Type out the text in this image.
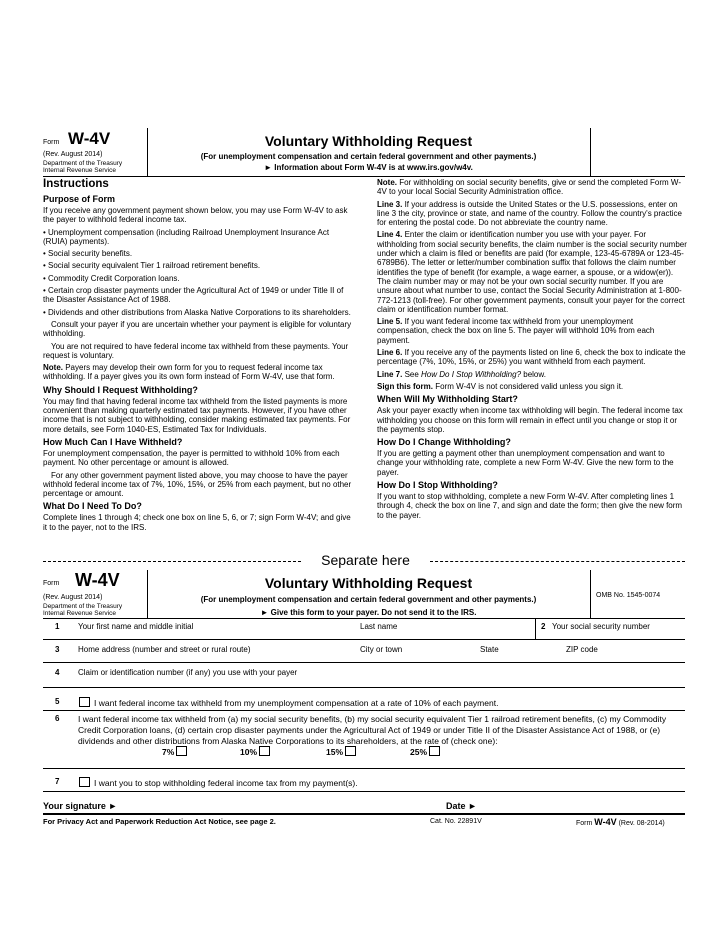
Form W-4V
(Rev. August 2014)
Department of the Treasury
Internal Revenue Service
Voluntary Withholding Request
(For unemployment compensation and certain federal government and other payments.)
► Information about Form W-4V is at www.irs.gov/w4v.
Instructions
Purpose of Form

If you receive any government payment shown below, you may use Form W-4V to ask the payer to withhold federal income tax.

• Unemployment compensation (including Railroad Unemployment Insurance Act (RUIA) payments).

• Social security benefits.

• Social security equivalent Tier 1 railroad retirement benefits.

• Commodity Credit Corporation loans.

• Certain crop disaster payments under the Agricultural Act of 1949 or under Title II of the Disaster Assistance Act of 1988.

• Dividends and other distributions from Alaska Native Corporations to its shareholders.

Consult your payer if you are uncertain whether your payment is eligible for voluntary withholding.

You are not required to have federal income tax withheld from these payments. Your request is voluntary.

Note. Payers may develop their own form for you to request federal income tax withholding. If a payer gives you its own form instead of Form W-4V, use that form.

Why Should I Request Withholding?

You may find that having federal income tax withheld from the listed payments is more convenient than making quarterly estimated tax payments. However, if you have other income that is not subject to withholding, consider making estimated tax payments. For more details, see Form 1040-ES, Estimated Tax for Individuals.

How Much Can I Have Withheld?

For unemployment compensation, the payer is permitted to withhold 10% from each payment. No other percentage or amount is allowed.

For any other government payment listed above, you may choose to have the payer withhold federal income tax of 7%, 10%, 15%, or 25% from each payment, but no other percentage or amount.

What Do I Need To Do?

Complete lines 1 through 4; check one box on line 5, 6, or 7; sign Form W-4V; and give it to the payer, not to the IRS.

Note. For withholding on social security benefits, give or send the completed Form W-4V to your local Social Security Administration office.

Line 3. If your address is outside the United States or the U.S. possessions, enter on line 3 the city, province or state, and name of the country. Follow the country's practice for entering the postal code. Do not abbreviate the country name.

Line 4. Enter the claim or identification number you use with your payer. For withholding from social security benefits, the claim number is the social security number under which a claim is filed or benefits are paid (for example, 123-45-6789A or 123-45-6789B6). The letter or letter/number combination suffix that follows the claim number identifies the type of benefit (for example, a wage earner, a spouse, or a widow(er)). The claim number may or may not be your own social security number. If you are unsure about what number to use, contact the Social Security Administration at 1-800-772-1213 (toll-free). For other government payments, consult your payer for the correct claim or identification number format.

Line 5. If you want federal income tax withheld from your unemployment compensation, check the box on line 5. The payer will withhold 10% from each payment.

Line 6. If you receive any of the payments listed on line 6, check the box to indicate the percentage (7%, 10%, 15%, or 25%) you want withheld from each payment.

Line 7. See How Do I Stop Withholding? below.

Sign this form. Form W-4V is not considered valid unless you sign it.

When Will My Withholding Start?

Ask your payer exactly when income tax withholding will begin. The federal income tax withholding you choose on this form will remain in effect until you change or stop it or the payments stop.

How Do I Change Withholding?

If you are getting a payment other than unemployment compensation and want to change your withholding rate, complete a new Form W-4V. Give the new form to the payer.

How Do I Stop Withholding?

If you want to stop withholding, complete a new Form W-4V. After completing lines 1 through 4, check the box on line 7, and sign and date the form; then give the new form to the payer.

Separate here
Form W-4V
(Rev. August 2014)
Department of the Treasury
Internal Revenue Service
Voluntary Withholding Request
(For unemployment compensation and certain federal government and other payments.)
► Give this form to your payer. Do not send it to the IRS.
OMB No. 1545-0074
1 Your first name and middle initial	Last name	2 Your social security number
3 Home address (number and street or rural route)	City or town	State	ZIP code
4 Claim or identification number (if any) you use with your payer
5	I want federal income tax withheld from my unemployment compensation at a rate of 10% of each payment.
6 I want federal income tax withheld from (a) my social security benefits, (b) my social security equivalent Tier 1 railroad retirement benefits, (c) my Commodity Credit Corporation loans, (d) certain crop disaster payments under the Agricultural Act of 1949 or under Title II of the Disaster Assistance Act of 1988, or (e) dividends and other distributions from Alaska Native Corporations to its shareholders, at the rate of (check one):
7%	10%	15%	25%
7	I want you to stop withholding federal income tax from my payment(s).
Your signature ►	Date ►
For Privacy Act and Paperwork Reduction Act Notice, see page 2.	Cat. No. 22891V	Form W-4V (Rev. 08-2014)
